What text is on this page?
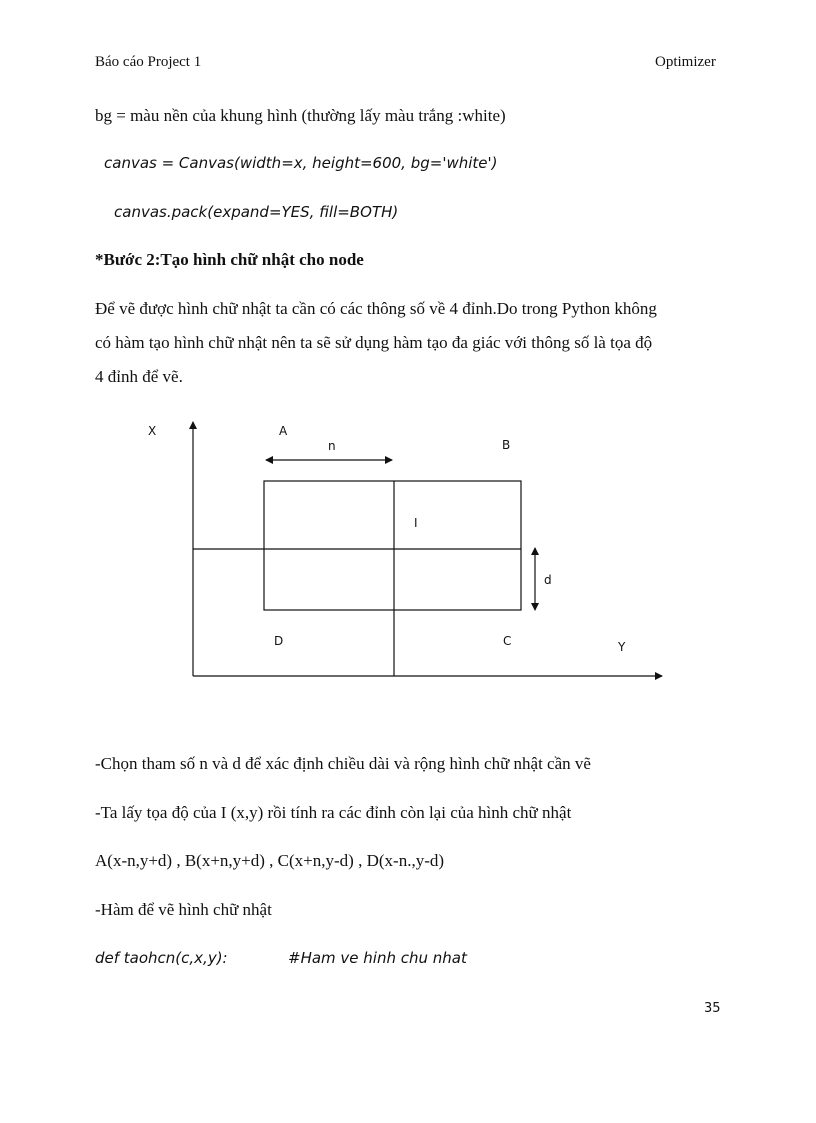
Báo cáo Project 1	Optimizer
bg = màu nền của khung hình (thường lấy màu trắng :white)
canvas = Canvas(width=x, height=600, bg='white')
canvas.pack(expand=YES, fill=BOTH)
*Bước 2:Tạo hình chữ nhật cho node
Để vẽ được hình chữ nhật ta cần có các thông số về 4 đỉnh.Do trong Python không
có hàm tạo hình chữ nhật nên ta sẽ sử dụng hàm tạo đa giác với thông số là tọa độ
4 đỉnh để vẽ.
X
Y
A
B
C
D
I
n
d
-Chọn tham số n và d để xác định chiều dài và rộng hình chữ nhật cần vẽ
-Ta lấy tọa độ của I (x,y) rồi tính ra các đỉnh còn lại của hình chữ nhật
A(x-n,y+d) , B(x+n,y+d) , C(x+n,y-d) , D(x-n.,y-d)
-Hàm để vẽ hình chữ nhật
def taohcn(c,x,y):	#Ham ve hinh chu nhat
35
